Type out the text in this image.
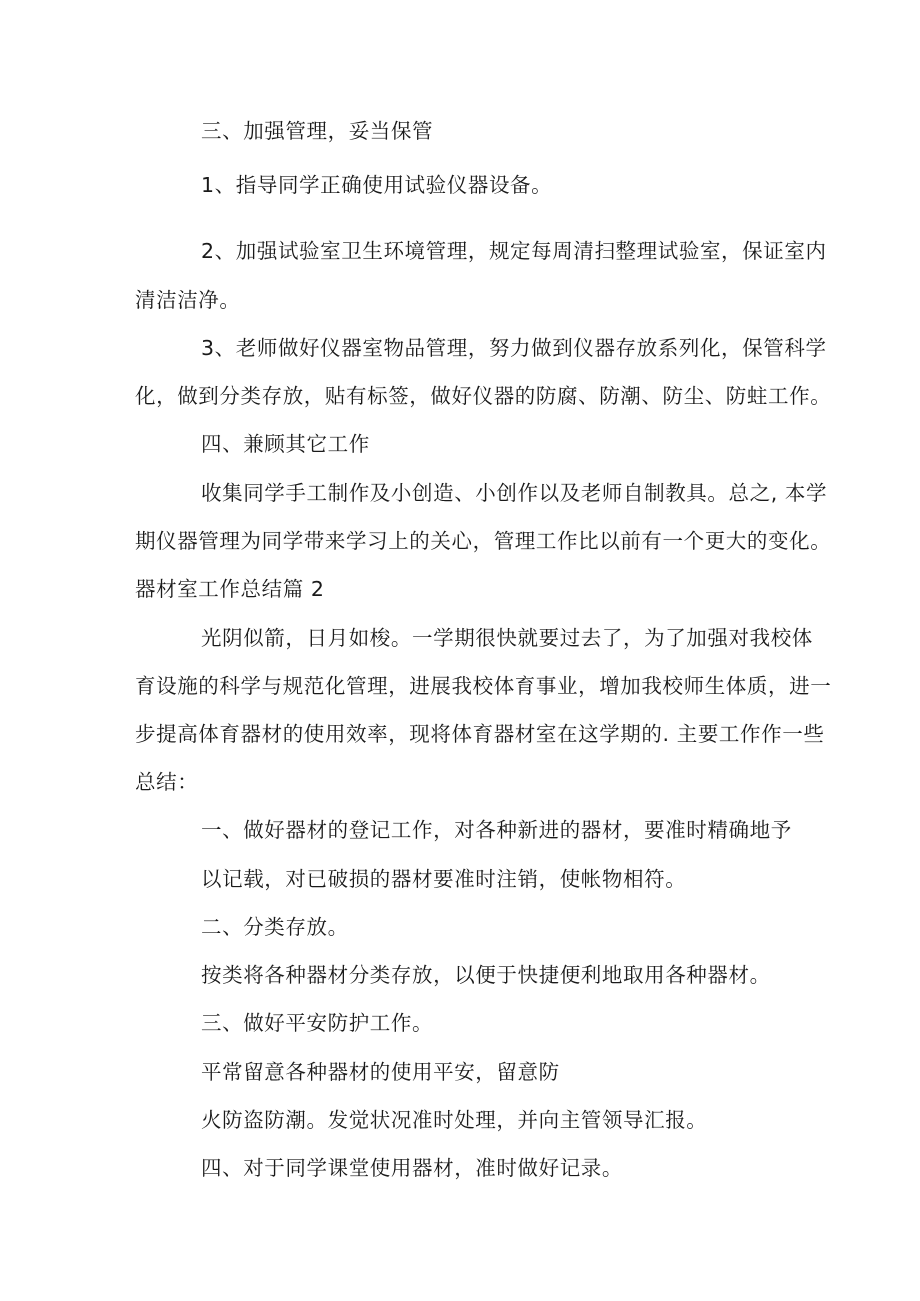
三、加强管理，妥当保管
1、指导同学正确使用试验仪器设备。
2、加强试验室卫生环境管理，规定每周清扫整理试验室，保证室内
清洁洁净。
3、老师做好仪器室物品管理，努力做到仪器存放系列化，保管科学
化，做到分类存放，贴有标签，做好仪器的防腐、防潮、防尘、防蛀工作。
四、兼顾其它工作
收集同学手工制作及小创造、小创作以及老师自制教具。总之, 本学
期仪器管理为同学带来学习上的关心，管理工作比以前有一个更大的变化。
器材室工作总结篇 2
光阴似箭，日月如梭。一学期很快就要过去了，为了加强对我校体
育设施的科学与规范化管理，进展我校体育事业，增加我校师生体质，进一
步提高体育器材的使用效率，现将体育器材室在这学期的. 主要工作作一些
总结：
一、做好器材的登记工作，对各种新进的器材，要准时精确地予
以记载，对已破损的器材要准时注销，使帐物相符。
二、分类存放。
按类将各种器材分类存放，以便于快捷便利地取用各种器材。
三、做好平安防护工作。
平常留意各种器材的使用平安，留意防
火防盗防潮。发觉状况准时处理，并向主管领导汇报。
四、对于同学课堂使用器材，准时做好记录。
